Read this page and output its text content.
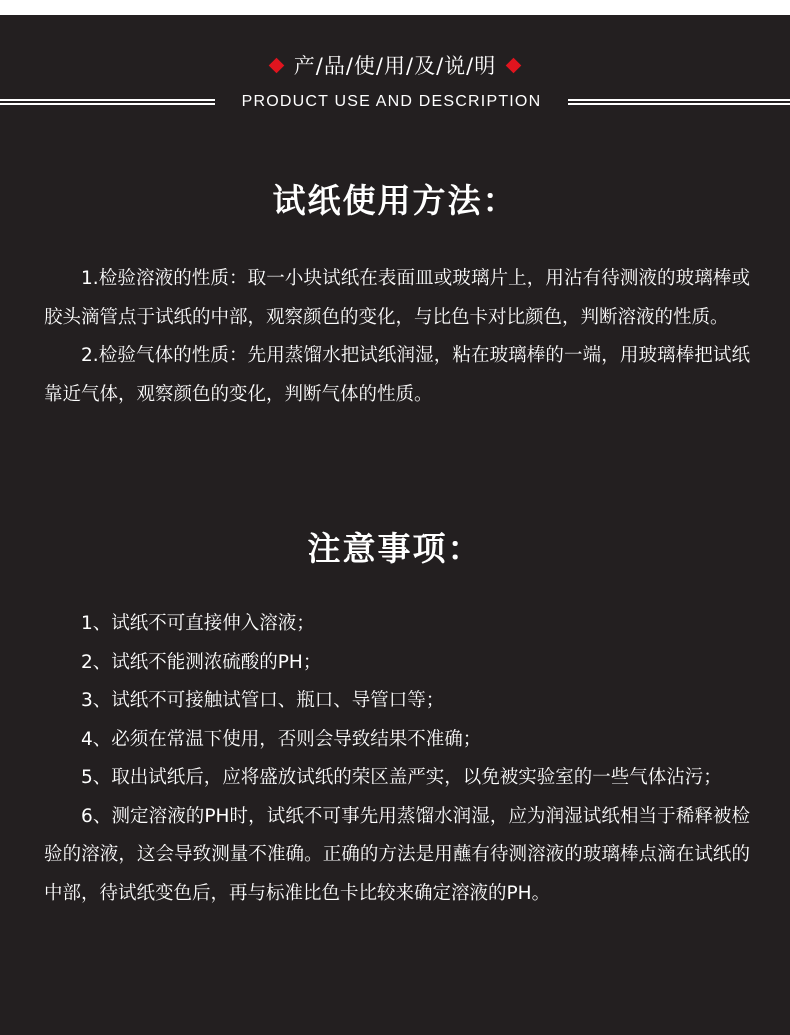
产/品/使/用/及/说/明
PRODUCT USE AND DESCRIPTION
试纸使用方法：

1.检验溶液的性质：取一小块试纸在表面皿或玻璃片上，用沾有待测液的玻璃棒或胶头滴管点于试纸的中部，观察颜色的变化，与比色卡对比颜色，判断溶液的性质。

2.检验气体的性质：先用蒸馏水把试纸润湿，粘在玻璃棒的一端，用玻璃棒把试纸靠近气体，观察颜色的变化，判断气体的性质。

注意事项：

1、试纸不可直接伸入溶液；

2、试纸不能测浓硫酸的PH；

3、试纸不可接触试管口、瓶口、导管口等；

4、必须在常温下使用，否则会导致结果不准确；

5、取出试纸后，应将盛放试纸的荣区盖严实，以免被实验室的一些气体沾污；

6、测定溶液的PH时，试纸不可事先用蒸馏水润湿，应为润湿试纸相当于稀释被检验的溶液，这会导致测量不准确。正确的方法是用蘸有待测溶液的玻璃棒点滴在试纸的中部，待试纸变色后，再与标准比色卡比较来确定溶液的PH。
